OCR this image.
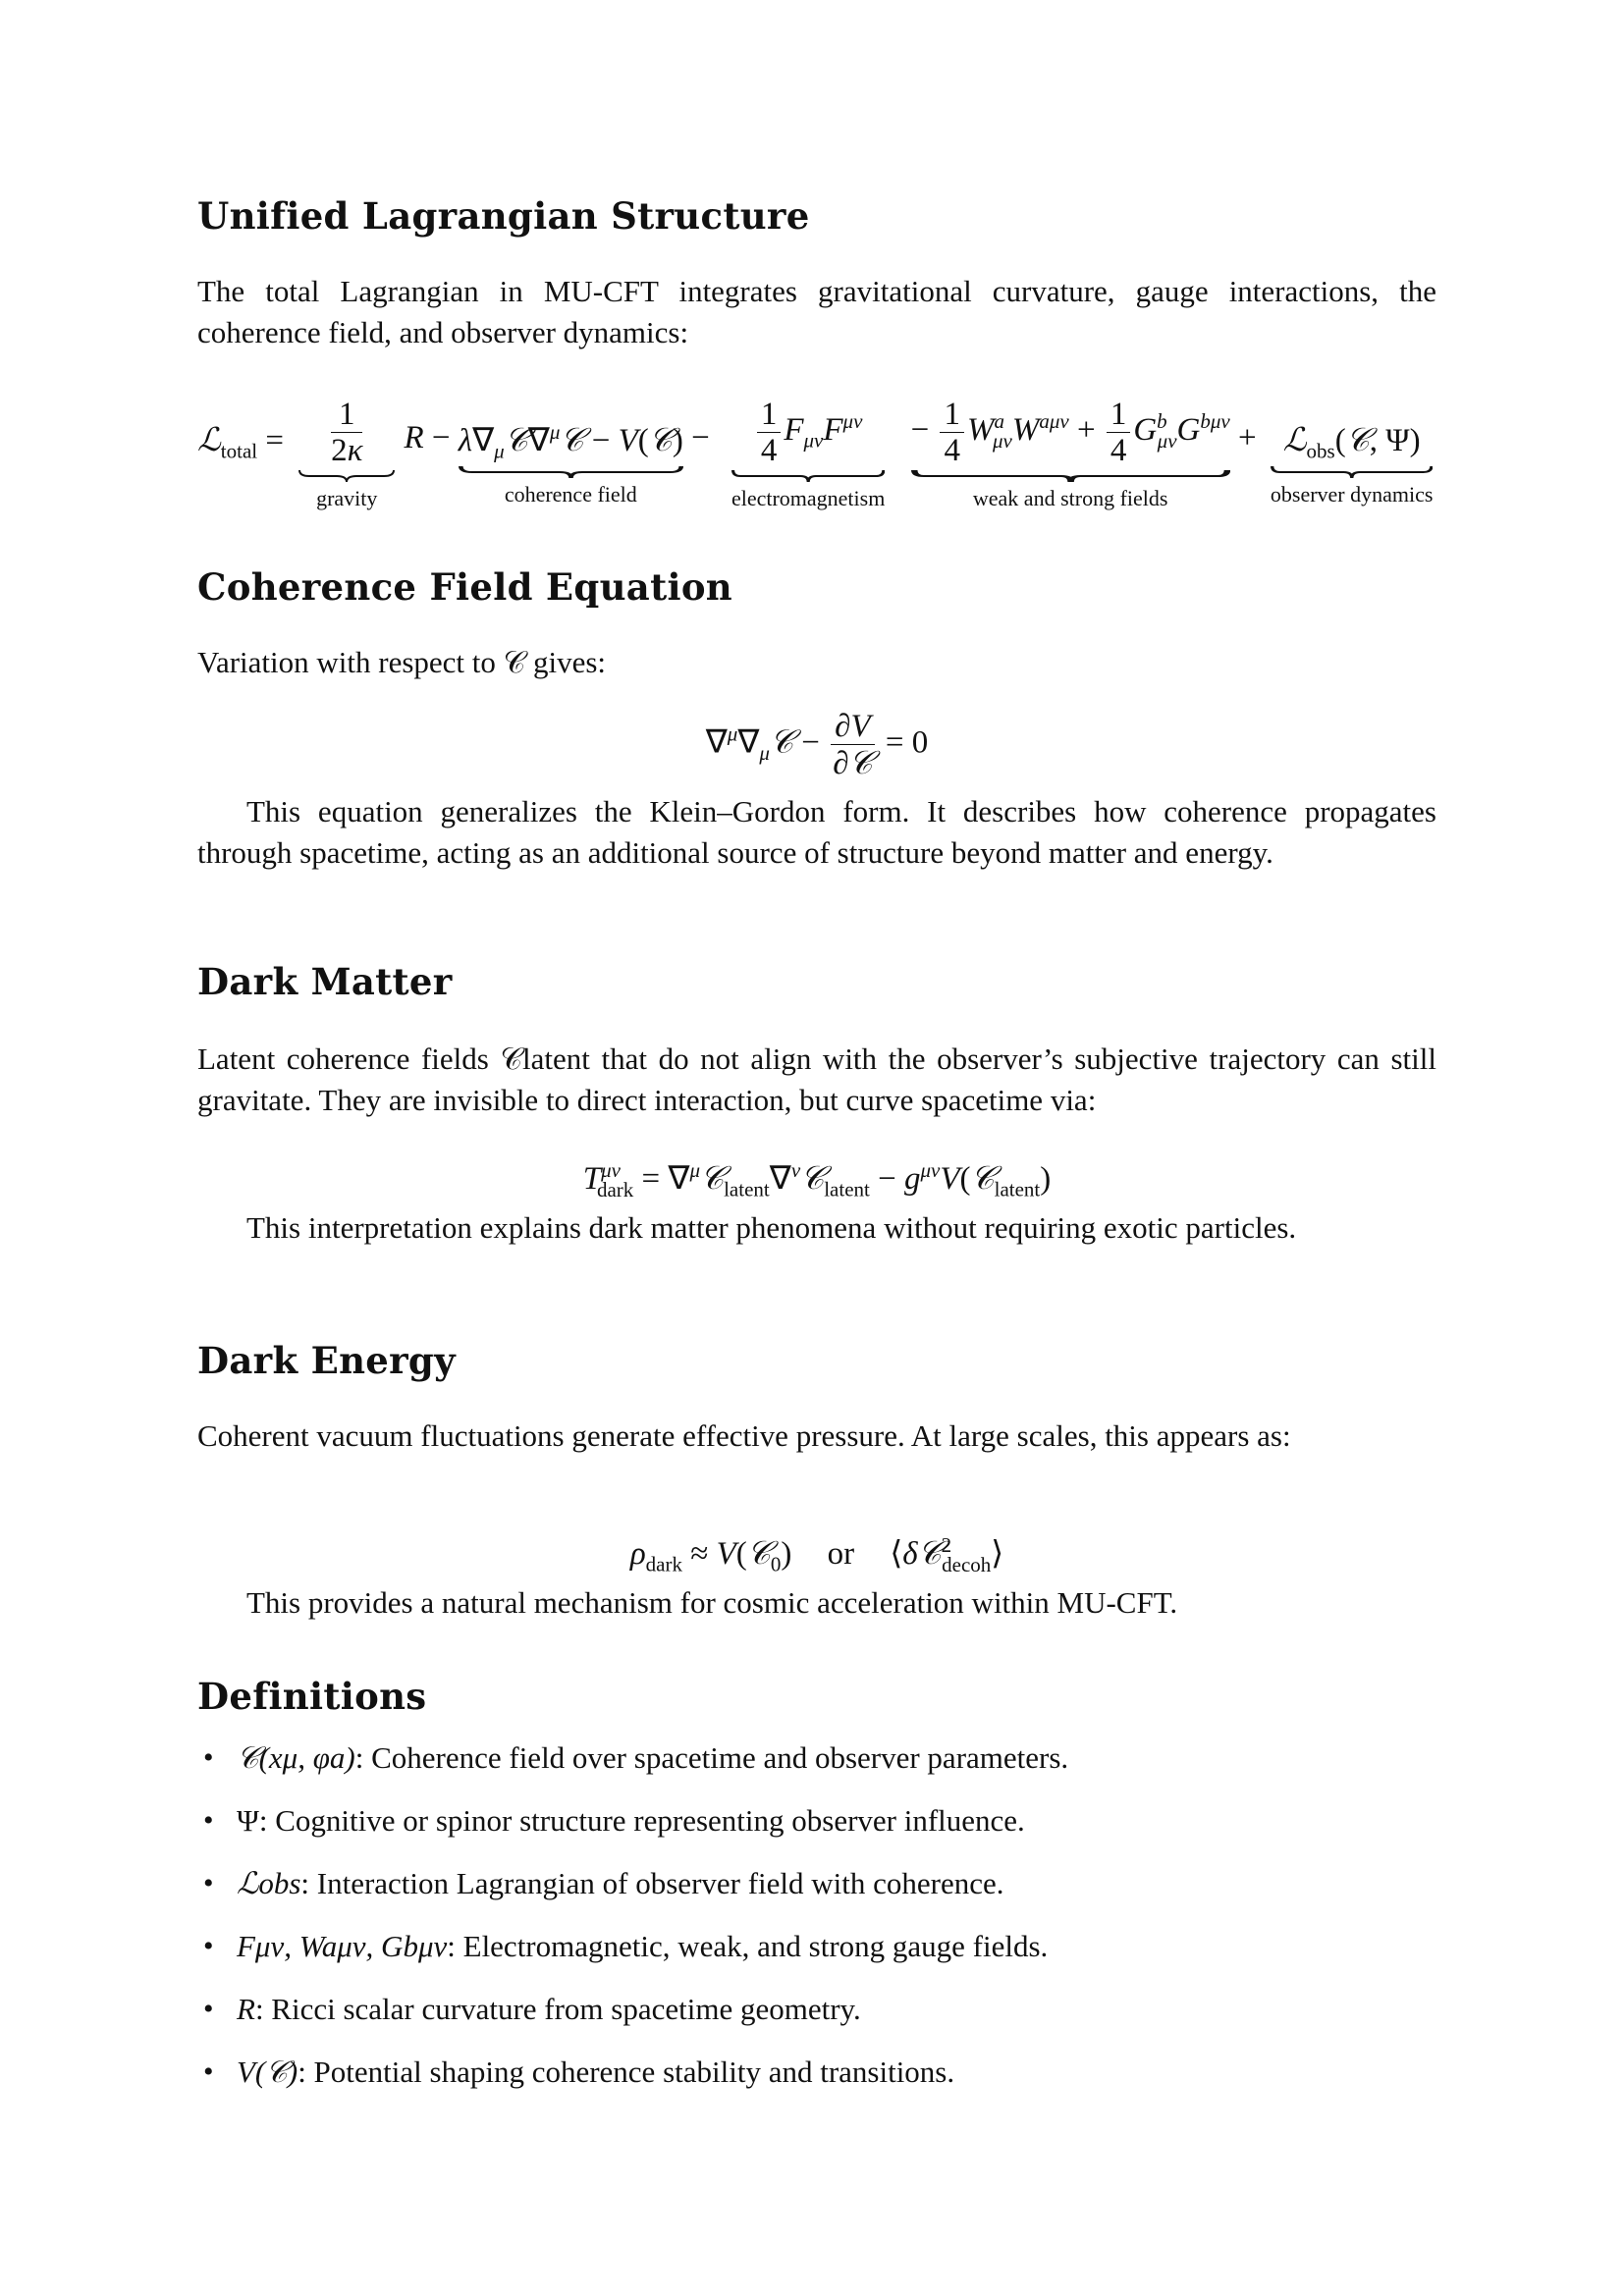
Unified Lagrangian Structure

The total Lagrangian in MU-CFT integrates gravitational curvature, gauge interactions, the coherence field, and observer dynamics:

ℒ$_{total}$ = $\frac{1}{2\kappa}$
gravity
$R - \lambda\nabla_\mu 𝒞\nabla^\mu 𝒞$ − V(𝒞)
coherence field
− $\frac{1}{4} F_{\mu\nu}F^{\mu\nu}$
electromagnetism

− $\frac{1}{4} W^a_{\mu\nu}W^{a\mu\nu} + \frac{1}{4} G^b_{\mu\nu}G^{b\mu\nu}$
weak and strong fields
+ ℒ$_{obs}$(𝒞, Ψ)
observer dynamics
Coherence Field Equation

Variation with respect to 𝒞 gives:

$\nabla^\mu\nabla_\mu 𝒞 - \frac{\partial V}{\text{∂𝒞}} = 0$

This equation generalizes the Klein–Gordon form. It describes how coherence propagates through spacetime, acting as an additional source of structure beyond matter and energy.

Dark Matter

Latent coherence fields 𝒞latent that do not align with the observer’s subjective trajectory can still gravitate. They are invisible to direct interaction, but curve spacetime via:

$T^{\mu\nu}_{dark}$ = ∇$^\mu$𝒞$_{latent}$∇$^\nu$𝒞$_{latent}$ − $g^{\mu\nu}V(𝒞_{latent})$

This interpretation explains dark matter phenomena without requiring exotic particles.

Dark Energy

Coherent vacuum fluctuations generate effective pressure. At large scales, this appears as:

$\rho_{dark}$ ≈ V(𝒞$_0$) or ⟨δ𝒞$^2_{decoh}$⟩

This provides a natural mechanism for cosmic acceleration within MU-CFT.

Definitions
• 𝒞(xμ, φa): Coherence field over spacetime and observer parameters.
• Ψ: Cognitive or spinor structure representing observer influence.
• ℒobs: Interaction Lagrangian of observer field with coherence.
• Fμν, Waμν, Gbμν: Electromagnetic, weak, and strong gauge fields.
• R: Ricci scalar curvature from spacetime geometry.
• V(𝒞): Potential shaping coherence stability and transitions.
